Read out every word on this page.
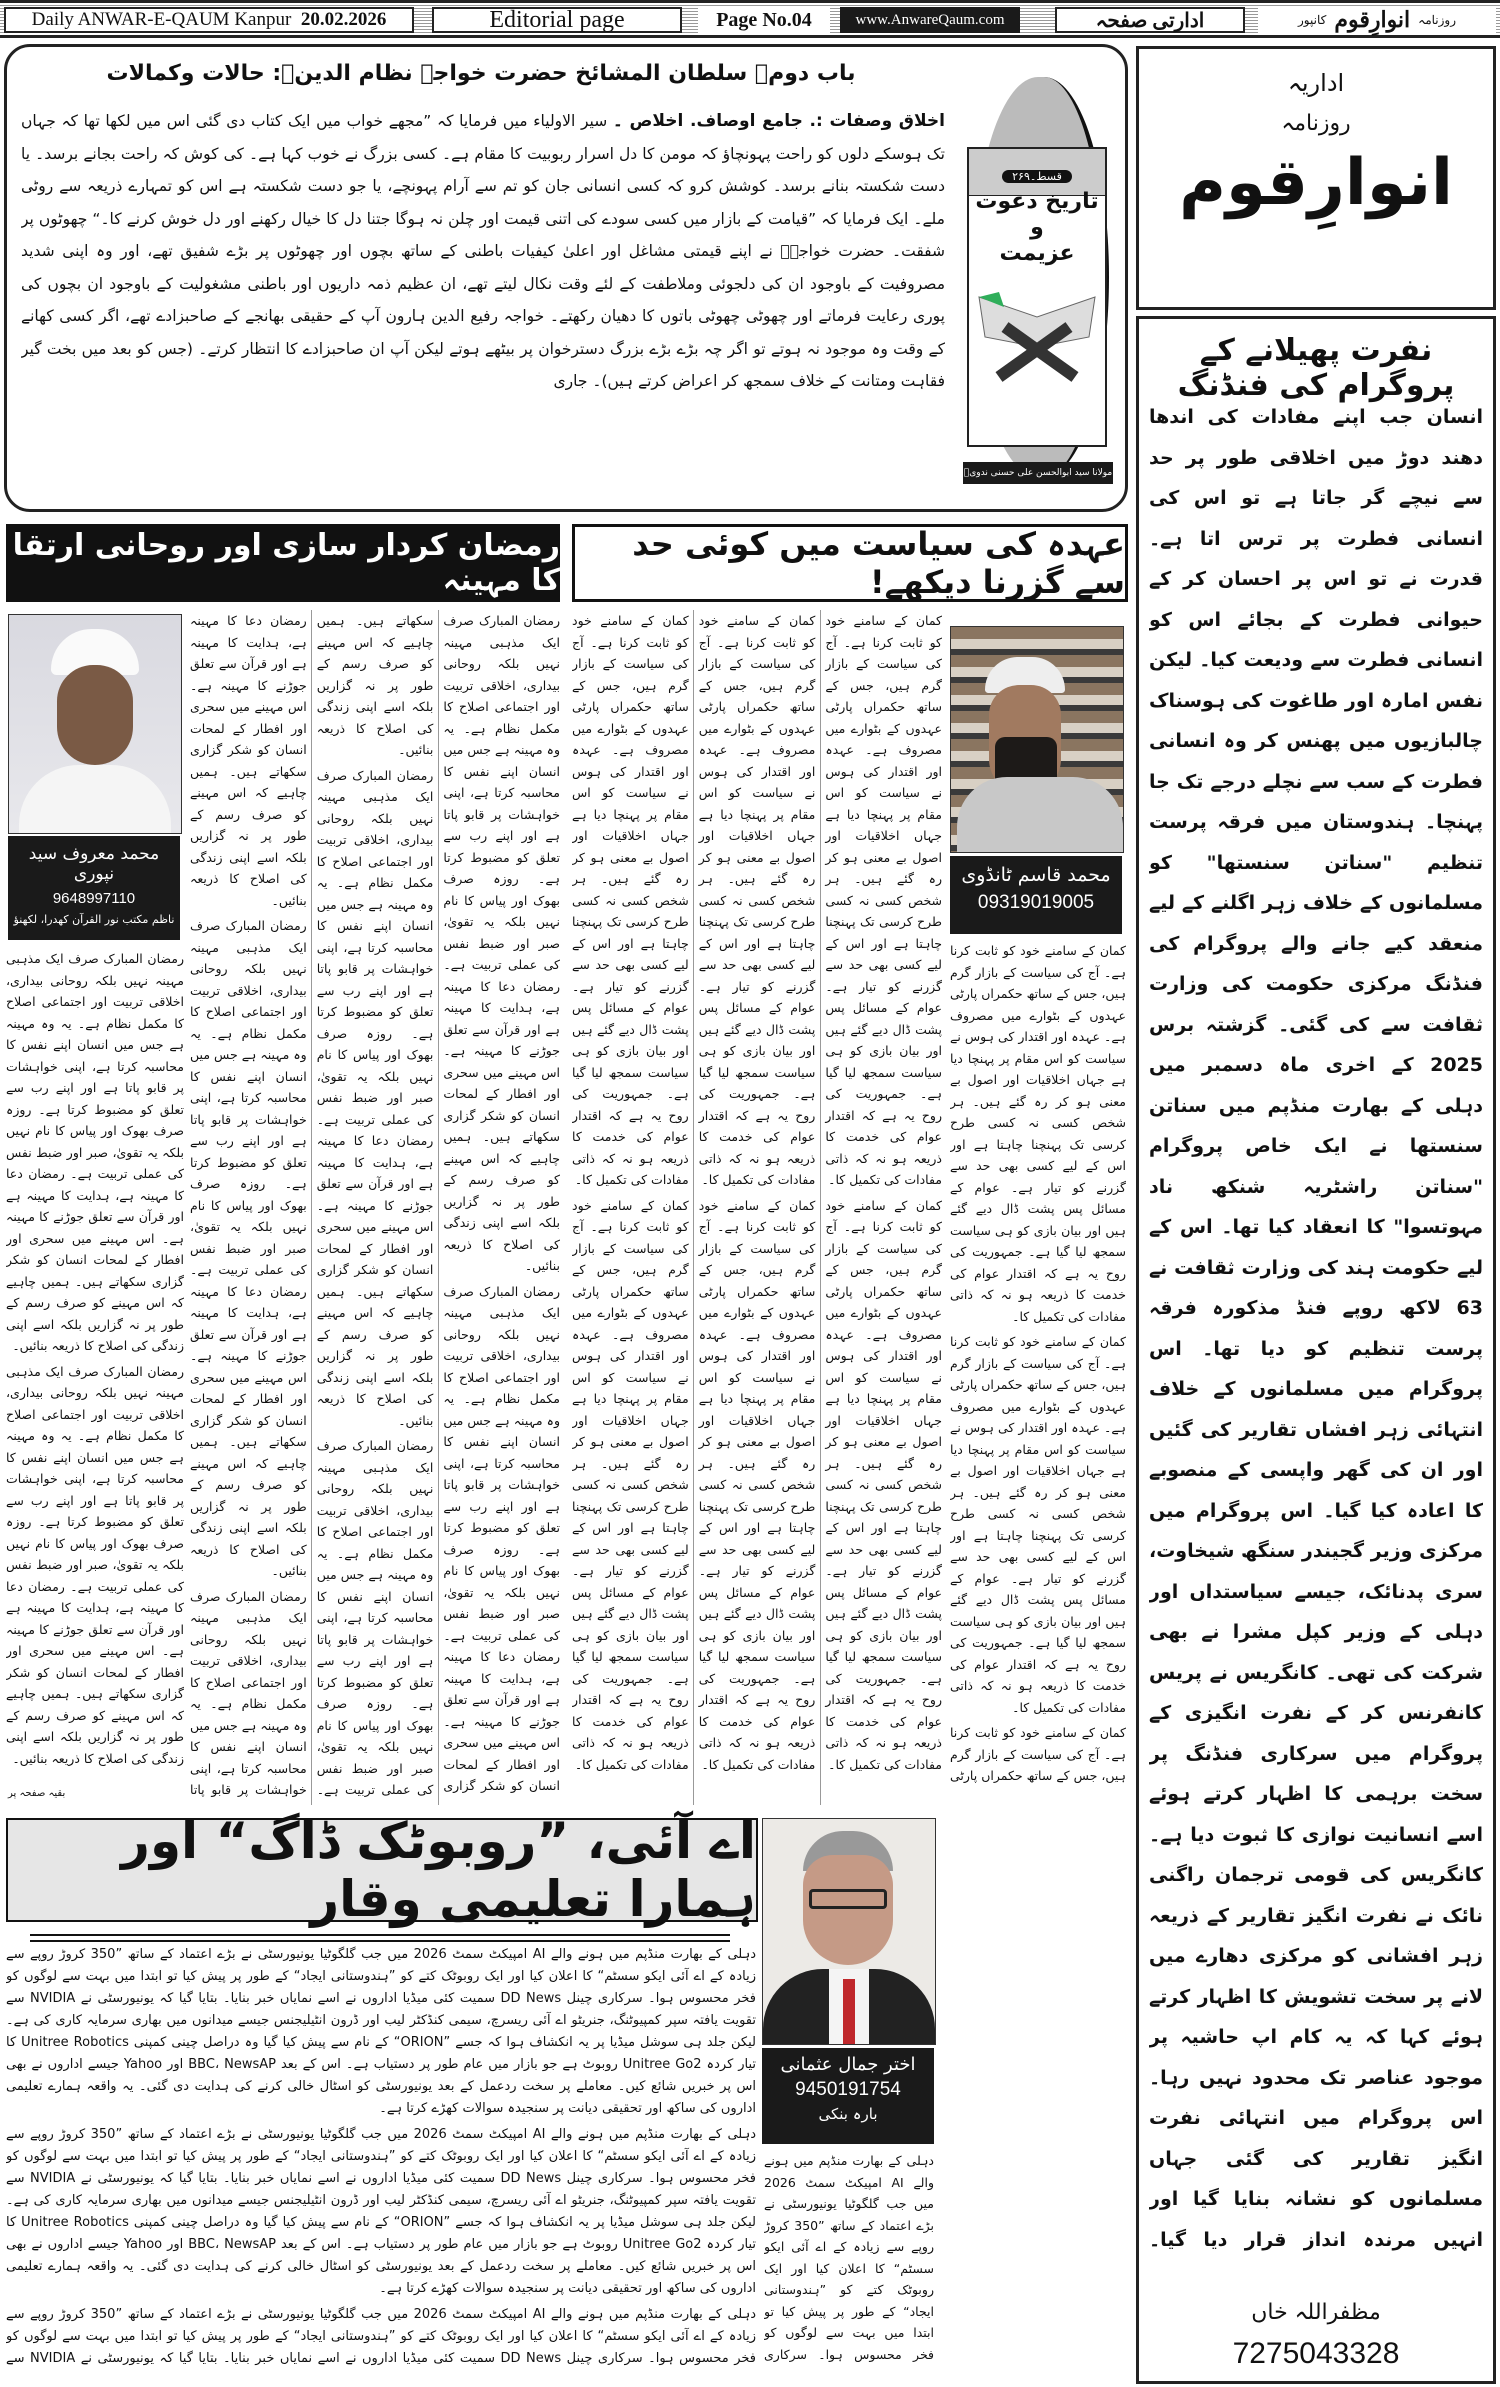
Daily ANWAR-E-QAUM Kanpur
20.02.2026	Editorial page	Page No.04	www.AnwareQaum.com	ادارتی صفحہ	روزنامہ
انوارِقوم
کانپور
باب دوم۔ سلطان المشائخ حضرت خواجہ نظام الدینؒ: حالات وکمالات
اخلاق وصفات :. جامع اوصاف. اخلاص ۔ سیر الاولیاء میں فرمایا کہ ”مجھے خواب میں ایک کتاب دی گئی اس میں لکھا تھا کہ جہاں تک ہوسکے دلوں کو راحت پہونچاؤ کہ مومن کا دل اسرار ربوبیت کا مقام ہے۔ کسی بزرگ نے خوب کہا ہے۔ کی کوش کہ راحت بجانے برسد۔ یا دست شکستہ بنانے برسد۔ کوشش کرو کہ کسی انسانی جان کو تم سے آرام پہونچے، یا جو دست شکستہ ہے اس کو تمہارے ذریعہ سے روٹی ملے۔ ایک فرمایا کہ ”قیامت کے بازار میں کسی سودے کی اتنی قیمت اور چلن نہ ہوگا جتنا دل کا خیال رکھنے اور دل خوش کرنے کا۔“ چھوٹوں پر شفقت۔ حضرت خواجہؒ نے اپنے قیمتی مشاغل اور اعلیٰ کیفیات باطنی کے ساتھ بچوں اور چھوٹوں پر بڑے شفیق تھے، اور وہ اپنی شدید مصروفیت کے باوجود ان کی دلجوئی وملاطفت کے لئے وقت نکال لیتے تھے، ان عظیم ذمہ داریوں اور باطنی مشغولیت کے باوجود ان بچوں کی پوری رعایت فرماتے اور چھوٹی چھوٹی باتوں کا دھیان رکھتے۔ خواجہ رفیع الدین ہارون آپ کے حقیقی بھانجے کے صاحبزادے تھے، اگر کسی کھانے کے وقت وہ موجود نہ ہوتے تو اگر چہ بڑے بڑے بزرگ دسترخوان پر بیٹھے ہوتے لیکن آپ ان صاحبزادے کا انتظار کرتے۔ (جس کو بعد میں بخت گیر فقاہت ومتانت کے خلاف سمجھ کر اعراض کرتے ہیں)۔ جاری
قسط۔۲۶۹
تاریخ دعوت
و
عزیمت
مولانا سید ابوالحسن علی حسنی ندویؒ
اداریہ
روزنامہ
انوارِقوم
نفرت پھیلانے کے پروگرام کی فنڈنگ
انسان جب اپنے مفادات کی اندھا دھند دوڑ میں اخلاقی طور پر حد سے نیچے گر جاتا ہے تو اس کی انسانی فطرت پر ترس اتا ہے۔ قدرت نے تو اس پر احسان کر کے حیوانی فطرت کے بجائے اس کو انسانی فطرت سے ودیعت کیا۔ لیکن نفس امارہ اور طاغوت کی ہوسناک چالبازیوں میں پھنس کر وہ انسانی فطرت کے سب سے نچلے درجے تک جا پہنچا۔ ہندوستان میں فرقہ پرست تنظیم "سناتن سنستھا" کو مسلمانوں کے خلاف زہر اگلنے کے لیے منعقد کیے جانے والے پروگرام کی فنڈنگ مرکزی حکومت کی وزارت ثقافت سے کی گئی۔ گزشتہ برس 2025 کے اخری ماہ دسمبر میں دہلی کے بھارت منڈپم میں سناتن سنستھا نے ایک خاص پروگرام "سناتن راشٹریہ شنکھ ناد مہوتسوا" کا انعقاد کیا تھا۔ اس کے لیے حکومت ہند کی وزارت ثقافت نے 63 لاکھ روپے فنڈ مذکورہ فرقہ پرست تنظیم کو دیا تھا۔ اس پروگرام میں مسلمانوں کے خلاف انتہائی زہر افشاں تقاریر کی گئیں اور ان کی گھر واپسی کے منصوبے کا اعادہ کیا گیا۔ اس پروگرام میں مرکزی وزیر گجیندر سنگھ شیخاوت، سری پدنائک، جیسے سیاستداں اور دہلی کے وزیر کپل مشرا نے بھی شرکت کی تھی۔ کانگریس نے پریس کانفرنس کر کے نفرت انگیزی کے پروگرام میں سرکاری فنڈنگ پر سخت برہمی کا اظہار کرتے ہوئے اسے انسانیت نوازی کا ثبوت دیا ہے۔ کانگریس کی قومی ترجمان راگنی نائک نے نفرت انگیز تقاریر کے ذریعہ زہر افشانی کو مرکزی دھارے میں لانے پر سخت تشویش کا اظہار کرتے ہوئے کہا کہ یہ کام اپ حاشیہ پر موجود عناصر تک محدود نہیں رہا۔ اس پروگرام میں انتہائی نفرت انگیز تقاریر کی گئی جہاں مسلمانوں کو نشانہ بنایا گیا اور انہیں مرندہ انداز قرار دیا گیا۔
مظفراللہ خاں
7275043328
رمضان کردار سازی اور روحانی ارتقا کا مہینہ
محمد معروف سید نپوری
9648997110
ناظم مکتب نور القرآن کھدرا، لکھنؤ

رمضان المبارک صرف ایک مذہبی مہینہ نہیں بلکہ روحانی بیداری، اخلاقی تربیت اور اجتماعی اصلاح کا مکمل نظام ہے۔ یہ وہ مہینہ ہے جس میں انسان اپنے نفس کا محاسبہ کرتا ہے، اپنی خواہشات پر قابو پاتا ہے اور اپنے رب سے تعلق کو مضبوط کرتا ہے۔ روزہ صرف بھوک اور پیاس کا نام نہیں بلکہ یہ تقویٰ، صبر اور ضبط نفس کی عملی تربیت ہے۔ رمضان دعا کا مہینہ ہے، ہدایت کا مہینہ ہے اور قرآن سے تعلق جوڑنے کا مہینہ ہے۔ اس مہینے میں سحری اور افطار کے لمحات انسان کو شکر گزاری سکھاتے ہیں۔ ہمیں چاہیے کہ اس مہینے کو صرف رسم کے طور پر نہ گزاریں بلکہ اسے اپنی زندگی کی اصلاح کا ذریعہ بنائیں۔

رمضان المبارک صرف ایک مذہبی مہینہ نہیں بلکہ روحانی بیداری، اخلاقی تربیت اور اجتماعی اصلاح کا مکمل نظام ہے۔ یہ وہ مہینہ ہے جس میں انسان اپنے نفس کا محاسبہ کرتا ہے، اپنی خواہشات پر قابو پاتا ہے اور اپنے رب سے تعلق کو مضبوط کرتا ہے۔ روزہ صرف بھوک اور پیاس کا نام نہیں بلکہ یہ تقویٰ، صبر اور ضبط نفس کی عملی تربیت ہے۔ رمضان دعا کا مہینہ ہے، ہدایت کا مہینہ ہے اور قرآن سے تعلق جوڑنے کا مہینہ ہے۔ اس مہینے میں سحری اور افطار کے لمحات انسان کو شکر گزاری سکھاتے ہیں۔ ہمیں چاہیے کہ اس مہینے کو صرف رسم کے طور پر نہ گزاریں بلکہ اسے اپنی زندگی کی اصلاح کا ذریعہ بنائیں۔

رمضان المبارک صرف ایک مذہبی مہینہ نہیں بلکہ روحانی بیداری، اخلاقی تربیت اور اجتماعی اصلاح کا مکمل نظام ہے۔ یہ وہ مہینہ ہے جس میں انسان اپنے نفس کا محاسبہ کرتا ہے، اپنی خواہشات پر قابو پاتا ہے اور اپنے رب سے تعلق کو مضبوط کرتا ہے۔ روزہ صرف بھوک اور پیاس کا نام نہیں بلکہ یہ تقویٰ، صبر اور ضبط نفس کی عملی تربیت ہے۔ رمضان دعا کا مہینہ ہے، ہدایت کا مہینہ ہے اور قرآن سے تعلق جوڑنے کا مہینہ ہے۔ اس مہینے میں سحری اور افطار کے لمحات انسان کو شکر گزاری سکھاتے ہیں۔ ہمیں چاہیے کہ اس مہینے کو صرف رسم کے طور پر نہ گزاریں بلکہ اسے اپنی زندگی کی اصلاح کا ذریعہ بنائیں۔

رمضان المبارک صرف ایک مذہبی مہینہ نہیں بلکہ روحانی بیداری، اخلاقی تربیت اور اجتماعی اصلاح کا مکمل نظام ہے۔ یہ وہ مہینہ ہے جس میں انسان اپنے نفس کا محاسبہ کرتا ہے، اپنی خواہشات پر قابو پاتا ہے اور اپنے رب سے تعلق کو مضبوط کرتا ہے۔ روزہ صرف بھوک اور پیاس کا نام نہیں بلکہ یہ تقویٰ، صبر اور ضبط نفس کی عملی تربیت ہے۔ رمضان دعا کا مہینہ ہے، ہدایت کا مہینہ ہے اور قرآن سے تعلق جوڑنے کا مہینہ ہے۔ اس مہینے میں سحری اور افطار کے لمحات انسان کو شکر گزاری سکھاتے ہیں۔ ہمیں چاہیے کہ اس مہینے کو صرف رسم کے طور پر نہ گزاریں بلکہ اسے اپنی زندگی کی اصلاح کا ذریعہ بنائیں۔

رمضان المبارک صرف ایک مذہبی مہینہ نہیں بلکہ روحانی بیداری، اخلاقی تربیت اور اجتماعی اصلاح کا مکمل نظام ہے۔ یہ وہ مہینہ ہے جس میں انسان اپنے نفس کا محاسبہ کرتا ہے، اپنی خواہشات پر قابو پاتا ہے اور اپنے رب سے تعلق کو مضبوط کرتا ہے۔ روزہ صرف بھوک اور پیاس کا نام نہیں بلکہ یہ تقویٰ، صبر اور ضبط نفس کی عملی تربیت ہے۔ رمضان دعا کا مہینہ ہے، ہدایت کا مہینہ ہے اور قرآن سے تعلق جوڑنے کا مہینہ ہے۔ اس مہینے میں سحری اور افطار کے لمحات انسان کو شکر گزاری سکھاتے ہیں۔ ہمیں چاہیے کہ اس مہینے کو صرف رسم کے طور پر نہ گزاریں بلکہ اسے اپنی زندگی کی اصلاح کا ذریعہ بنائیں۔

رمضان المبارک صرف ایک مذہبی مہینہ نہیں بلکہ روحانی بیداری، اخلاقی تربیت اور اجتماعی اصلاح کا مکمل نظام ہے۔ یہ وہ مہینہ ہے جس میں انسان اپنے نفس کا محاسبہ کرتا ہے، اپنی خواہشات پر قابو پاتا

رمضان المبارک صرف ایک مذہبی مہینہ نہیں بلکہ روحانی بیداری، اخلاقی تربیت اور اجتماعی اصلاح کا مکمل نظام ہے۔ یہ وہ مہینہ ہے جس میں انسان اپنے نفس کا محاسبہ کرتا ہے، اپنی خواہشات پر قابو پاتا ہے اور اپنے رب سے تعلق کو مضبوط کرتا ہے۔ روزہ صرف بھوک اور پیاس کا نام نہیں بلکہ یہ تقویٰ، صبر اور ضبط نفس کی عملی تربیت ہے۔ رمضان دعا کا مہینہ ہے، ہدایت کا مہینہ ہے اور قرآن سے تعلق جوڑنے کا مہینہ ہے۔ اس مہینے میں سحری اور افطار کے لمحات انسان کو شکر گزاری سکھاتے ہیں۔ ہمیں چاہیے کہ اس مہینے کو صرف رسم کے طور پر نہ گزاریں بلکہ اسے اپنی زندگی کی اصلاح کا ذریعہ بنائیں۔

رمضان المبارک صرف ایک مذہبی مہینہ نہیں بلکہ روحانی بیداری، اخلاقی تربیت اور اجتماعی اصلاح کا مکمل نظام ہے۔ یہ وہ مہینہ ہے جس میں انسان اپنے نفس کا محاسبہ کرتا ہے، اپنی خواہشات پر قابو پاتا ہے اور اپنے رب سے تعلق کو مضبوط کرتا ہے۔ روزہ صرف بھوک اور پیاس کا نام نہیں بلکہ یہ تقویٰ، صبر اور ضبط نفس کی عملی تربیت ہے۔ رمضان دعا کا مہینہ ہے، ہدایت کا مہینہ ہے اور قرآن سے تعلق جوڑنے کا مہینہ ہے۔ اس مہینے میں سحری اور افطار کے لمحات انسان کو شکر گزاری سکھاتے ہیں۔ ہمیں چاہیے کہ اس مہینے کو صرف رسم کے طور پر نہ گزاریں بلکہ اسے اپنی زندگی کی اصلاح کا ذریعہ بنائیں۔

بقیہ صفحہ پر
عہدہ کی سیاست میں کوئی حد سے گزرنا دیکھے!
محمد قاسم ٹانڈوی
09319019005

کمان کے سامنے خود کو ثابت کرنا ہے۔ آج کی سیاست کے بازار گرم ہیں، جس کے ساتھ حکمراں پارٹی عہدوں کے بٹوارے میں مصروف ہے۔ عہدہ اور اقتدار کی ہوس نے سیاست کو اس مقام پر پہنچا دیا ہے جہاں اخلاقیات اور اصول بے معنی ہو کر رہ گئے ہیں۔ ہر شخص کسی نہ کسی طرح کرسی تک پہنچنا چاہتا ہے اور اس کے لیے کسی بھی حد سے گزرنے کو تیار ہے۔ عوام کے مسائل پس پشت ڈال دیے گئے ہیں اور بیان بازی کو ہی سیاست سمجھ لیا گیا ہے۔ جمہوریت کی روح یہ ہے کہ اقتدار عوام کی خدمت کا ذریعہ ہو نہ کہ ذاتی مفادات کی تکمیل کا۔

کمان کے سامنے خود کو ثابت کرنا ہے۔ آج کی سیاست کے بازار گرم ہیں، جس کے ساتھ حکمراں پارٹی عہدوں کے بٹوارے میں مصروف ہے۔ عہدہ اور اقتدار کی ہوس نے سیاست کو اس مقام پر پہنچا دیا ہے جہاں اخلاقیات اور اصول بے معنی ہو کر رہ گئے ہیں۔ ہر شخص کسی نہ کسی طرح کرسی تک پہنچنا چاہتا ہے اور اس کے لیے کسی بھی حد سے گزرنے کو تیار ہے۔ عوام کے مسائل پس پشت ڈال دیے گئے ہیں اور بیان بازی کو ہی سیاست سمجھ لیا گیا ہے۔ جمہوریت کی روح یہ ہے کہ اقتدار عوام کی خدمت کا ذریعہ ہو نہ کہ ذاتی مفادات کی تکمیل کا۔

کمان کے سامنے خود کو ثابت کرنا ہے۔ آج کی سیاست کے بازار گرم ہیں، جس کے ساتھ حکمراں پارٹی عہدوں کے بٹوارے میں مصروف ہے۔ عہدہ اور اقتدار کی ہوس نے سیاست کو اس مقام پر پہنچا دیا ہے جہاں اخلاقیات اور اصول بے معنی ہو کر رہ گئے ہیں۔ ہر شخص کسی نہ کسی طرح کرسی تک پہنچنا چاہتا ہے اور اس کے لیے کسی بھی حد سے گزرنے کو تیار ہے۔ عوام کے مسائل پس پشت ڈال دیے گئے ہیں اور بیان بازی کو ہی سیاست سمجھ لیا گیا ہے۔ جمہوریت کی روح یہ ہے کہ اقتدار عوام کی خدمت کا ذریعہ ہو نہ کہ ذاتی مفادات کی تکمیل کا۔

کمان کے سامنے خود کو ثابت کرنا ہے۔ آج کی سیاست کے بازار گرم ہیں، جس کے ساتھ حکمراں پارٹی عہدوں کے بٹوارے میں مصروف ہے۔ عہدہ اور اقتدار کی ہوس نے سیاست کو اس مقام پر پہنچا دیا ہے جہاں اخلاقیات اور اصول بے معنی ہو کر رہ گئے ہیں۔ ہر شخص کسی نہ کسی طرح کرسی تک پہنچنا چاہتا ہے اور اس کے لیے کسی بھی حد سے گزرنے کو تیار ہے۔ عوام کے مسائل پس پشت ڈال دیے گئے ہیں اور بیان بازی کو ہی سیاست سمجھ لیا گیا ہے۔ جمہوریت کی روح یہ ہے کہ اقتدار عوام کی خدمت کا ذریعہ ہو نہ کہ ذاتی مفادات کی تکمیل کا۔

کمان کے سامنے خود کو ثابت کرنا ہے۔ آج کی سیاست کے بازار گرم ہیں، جس کے ساتھ حکمراں پارٹی عہدوں کے بٹوارے میں مصروف ہے۔ عہدہ اور اقتدار کی ہوس نے سیاست کو اس مقام پر پہنچا دیا ہے جہاں اخلاقیات اور اصول بے معنی ہو کر رہ گئے ہیں۔ ہر شخص کسی نہ کسی طرح کرسی تک پہنچنا چاہتا ہے اور اس کے لیے کسی بھی حد سے گزرنے کو تیار ہے۔ عوام کے مسائل پس پشت ڈال دیے گئے ہیں اور بیان بازی کو ہی سیاست سمجھ لیا گیا ہے۔ جمہوریت کی روح یہ ہے کہ اقتدار عوام کی خدمت کا ذریعہ ہو نہ کہ ذاتی مفادات کی تکمیل کا۔

کمان کے سامنے خود کو ثابت کرنا ہے۔ آج کی سیاست کے بازار گرم ہیں، جس کے ساتھ حکمراں پارٹی عہدوں کے بٹوارے میں مصروف ہے۔ عہدہ اور اقتدار کی ہوس نے سیاست کو اس مقام پر پہنچا دیا ہے جہاں اخلاقیات اور اصول بے معنی ہو کر رہ گئے ہیں۔ ہر شخص کسی نہ کسی طرح کرسی تک پہنچنا چاہتا ہے اور اس کے لیے کسی بھی حد سے گزرنے کو تیار ہے۔ عوام کے مسائل پس پشت ڈال دیے گئے ہیں اور بیان بازی کو ہی سیاست سمجھ لیا گیا ہے۔ جمہوریت کی روح یہ ہے کہ اقتدار عوام کی خدمت کا ذریعہ ہو نہ کہ ذاتی مفادات کی تکمیل کا۔

کمان کے سامنے خود کو ثابت کرنا ہے۔ آج کی سیاست کے بازار گرم ہیں، جس کے ساتھ حکمراں پارٹی عہدوں کے بٹوارے میں مصروف ہے۔ عہدہ اور اقتدار کی ہوس نے سیاست کو اس مقام پر پہنچا دیا ہے جہاں اخلاقیات اور اصول بے معنی ہو کر رہ گئے ہیں۔ ہر شخص کسی نہ کسی طرح کرسی تک پہنچنا چاہتا ہے اور اس کے لیے کسی بھی حد سے گزرنے کو تیار ہے۔ عوام کے مسائل پس پشت ڈال دیے گئے ہیں اور بیان بازی کو ہی سیاست سمجھ لیا گیا ہے۔ جمہوریت کی روح یہ ہے کہ اقتدار عوام کی خدمت کا ذریعہ ہو نہ کہ ذاتی مفادات کی تکمیل کا۔

کمان کے سامنے خود کو ثابت کرنا ہے۔ آج کی سیاست کے بازار گرم ہیں، جس کے ساتھ حکمراں پارٹی عہدوں کے بٹوارے میں مصروف ہے۔ عہدہ اور اقتدار کی ہوس نے سیاست کو اس مقام پر پہنچا دیا ہے جہاں اخلاقیات اور اصول بے معنی ہو کر رہ گئے ہیں۔ ہر شخص کسی نہ کسی طرح کرسی تک پہنچنا چاہتا ہے اور اس کے لیے کسی بھی حد سے گزرنے کو تیار ہے۔ عوام کے مسائل پس پشت ڈال دیے گئے ہیں اور بیان بازی کو ہی سیاست سمجھ لیا گیا ہے۔ جمہوریت کی روح یہ ہے کہ اقتدار عوام کی خدمت کا ذریعہ ہو نہ کہ ذاتی مفادات کی تکمیل کا۔

کمان کے سامنے خود کو ثابت کرنا ہے۔ آج کی سیاست کے بازار گرم ہیں، جس کے ساتھ حکمراں پارٹی

اے آئی، ”روبوٹک ڈاگ“ اور ہمارا تعلیمی وقار
اختر جمال عثمانی
9450191754
بارہ بنکی

دہلی کے بھارت منڈپم میں ہونے والے AI امپیکٹ سمٹ 2026 میں جب گلگوٹیا یونیورسٹی نے بڑے اعتماد کے ساتھ ”350 کروڑ روپے سے زیادہ کے اے آئی ایکو سسٹم“ کا اعلان کیا اور ایک روبوٹک کتے کو ”ہندوستانی ایجاد“ کے طور پر پیش کیا تو ابتدا میں بہت سے لوگوں کو فخر محسوس ہوا۔ سرکاری چینل DD News سمیت کئی میڈیا اداروں نے اسے نمایاں خبر بنایا۔ بتایا گیا کہ یونیورسٹی نے NVIDIA سے تقویت یافتہ سپر کمپیوٹنگ، جنریٹو اے آئی ریسرچ، سیمی کنڈکٹر لیب اور ڈرون انٹیلیجنس جیسے میدانوں میں بھاری سرمایہ کاری کی ہے۔ لیکن جلد ہی سوشل میڈیا پر یہ انکشاف ہوا کہ جسے ”ORION“ کے نام سے پیش کیا گیا وہ دراصل چینی کمپنی Unitree Robotics کا تیار کردہ Unitree Go2 روبوٹ ہے جو بازار میں عام طور پر دستیاب ہے۔ اس کے بعد BBC، NewsAP اور Yahoo جیسے اداروں نے بھی اس پر خبریں شائع کیں۔ معاملے پر سخت ردعمل کے بعد یونیورسٹی کو اسٹال خالی کرنے کی ہدایت دی گئی۔ یہ واقعہ ہمارے تعلیمی اداروں کی ساکھ اور تحقیقی دیانت پر سنجیدہ سوالات کھڑے کرتا ہے۔

دہلی کے بھارت منڈپم میں ہونے والے AI امپیکٹ سمٹ 2026 میں جب گلگوٹیا یونیورسٹی نے بڑے اعتماد کے ساتھ ”350 کروڑ روپے سے زیادہ کے اے آئی ایکو سسٹم“ کا اعلان کیا اور ایک روبوٹک کتے کو ”ہندوستانی ایجاد“ کے طور پر پیش کیا تو ابتدا میں بہت سے لوگوں کو فخر محسوس ہوا۔ سرکاری چینل DD News سمیت کئی میڈیا اداروں نے اسے نمایاں خبر بنایا۔ بتایا گیا کہ یونیورسٹی نے NVIDIA سے تقویت یافتہ سپر کمپیوٹنگ، جنریٹو اے آئی ریسرچ، سیمی کنڈکٹر لیب اور ڈرون انٹیلیجنس جیسے میدانوں میں بھاری سرمایہ کاری کی ہے۔ لیکن جلد ہی سوشل میڈیا پر یہ انکشاف ہوا کہ جسے ”ORION“ کے نام سے پیش کیا گیا وہ دراصل چینی کمپنی Unitree Robotics کا تیار کردہ Unitree Go2 روبوٹ ہے جو بازار میں عام طور پر دستیاب ہے۔ اس کے بعد BBC، NewsAP اور Yahoo جیسے اداروں نے بھی اس پر خبریں شائع کیں۔ معاملے پر سخت ردعمل کے بعد یونیورسٹی کو اسٹال خالی کرنے کی ہدایت دی گئی۔ یہ واقعہ ہمارے تعلیمی اداروں کی ساکھ اور تحقیقی دیانت پر سنجیدہ سوالات کھڑے کرتا ہے۔

دہلی کے بھارت منڈپم میں ہونے والے AI امپیکٹ سمٹ 2026 میں جب گلگوٹیا یونیورسٹی نے بڑے اعتماد کے ساتھ ”350 کروڑ روپے سے زیادہ کے اے آئی ایکو سسٹم“ کا اعلان کیا اور ایک روبوٹک کتے کو ”ہندوستانی ایجاد“ کے طور پر پیش کیا تو ابتدا میں بہت سے لوگوں کو فخر محسوس ہوا۔ سرکاری چینل DD News سمیت کئی میڈیا اداروں نے اسے نمایاں خبر بنایا۔ بتایا گیا کہ یونیورسٹی نے NVIDIA سے

دہلی کے بھارت منڈپم میں ہونے والے AI امپیکٹ سمٹ 2026 میں جب گلگوٹیا یونیورسٹی نے بڑے اعتماد کے ساتھ ”350 کروڑ روپے سے زیادہ کے اے آئی ایکو سسٹم“ کا اعلان کیا اور ایک روبوٹک کتے کو ”ہندوستانی ایجاد“ کے طور پر پیش کیا تو ابتدا میں بہت سے لوگوں کو فخر محسوس ہوا۔ سرکاری
